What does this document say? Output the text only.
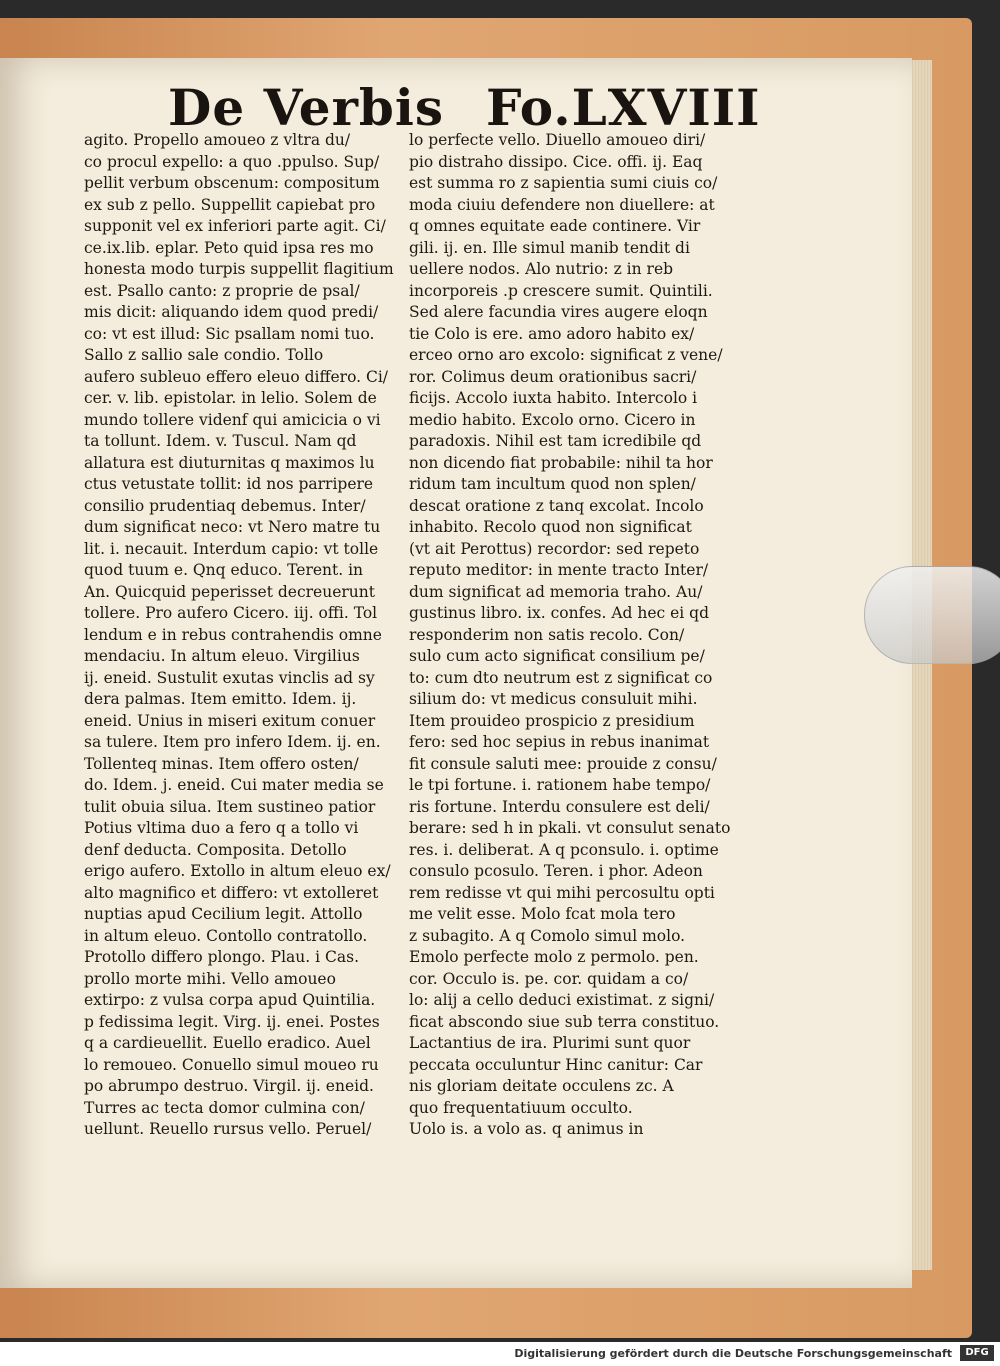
De Verbis Fo.LXVIII
agito. Propello amoueo z vltra du/
co procul expello: a quo .ppulso. Sup/
pellit verbum obscenum: compositum
ex sub z pello. Suppellit capiebat pro
supponit vel ex inferiori parte agit. Ci/
ce.ix.lib. eplar. Peto quid ipsa res mo
honesta modo turpis suppellit flagitium
est. Psallo canto: z proprie de psal/
mis dicit: aliquando idem quod predi/
co: vt est illud: Sic psallam nomi tuo.
Sallo z sallio sale condio. Tollo
aufero subleuo effero eleuo differo. Ci/
cer. v. lib. epistolar. in lelio. Solem de
mundo tollere videnf qui amicicia o vi
ta tollunt. Idem. v. Tuscul. Nam qd
allatura est diuturnitas q maximos lu
ctus vetustate tollit: id nos parripere
consilio prudentiaq debemus. Inter/
dum significat neco: vt Nero matre tu
lit. i. necauit. Interdum capio: vt tolle
quod tuum e. Qnq educo. Terent. in
An. Quicquid peperisset decreuerunt
tollere. Pro aufero Cicero. iij. offi. Tol
lendum e in rebus contrahendis omne
mendaciu. In altum eleuo. Virgilius
ij. eneid. Sustulit exutas vinclis ad sy
dera palmas. Item emitto. Idem. ij.
eneid. Unius in miseri exitum conuer
sa tulere. Item pro infero Idem. ij. en.
Tollenteq minas. Item offero osten/
do. Idem. j. eneid. Cui mater media se
tulit obuia silua. Item sustineo patior
Potius vltima duo a fero q a tollo vi
denf deducta. Composita. Detollo
erigo aufero. Extollo in altum eleuo ex/
alto magnifico et differo: vt extolleret
nuptias apud Cecilium legit. Attollo
in altum eleuo. Contollo contratollo.
Protollo differo plongo. Plau. i Cas.
prollo morte mihi. Vello amoueo
extirpo: z vulsa corpa apud Quintilia.
p fedissima legit. Virg. ij. enei. Postes
q a cardieuellit. Euello eradico. Auel
lo remoueo. Conuello simul moueo ru
po abrumpo destruo. Virgil. ij. eneid.
Turres ac tecta domor culmina con/
uellunt. Reuello rursus vello. Peruel/
lo perfecte vello. Diuello amoueo diri/
pio distraho dissipo. Cice. offi. ij. Eaq
est summa ro z sapientia sumi ciuis co/
moda ciuiu defendere non diuellere: at
q omnes equitate eade continere. Vir
gili. ij. en. Ille simul manib tendit di
uellere nodos. Alo nutrio: z in reb
incorporeis .p crescere sumit. Quintili.
Sed alere facundia vires augere eloqn
tie Colo is ere. amo adoro habito ex/
erceo orno aro excolo: significat z vene/
ror. Colimus deum orationibus sacri/
ficijs. Accolo iuxta habito. Intercolo i
medio habito. Excolo orno. Cicero in
paradoxis. Nihil est tam icredibile qd
non dicendo fiat probabile: nihil ta hor
ridum tam incultum quod non splen/
descat oratione z tanq excolat. Incolo
inhabito. Recolo quod non significat
(vt ait Perottus) recordor: sed repeto
reputo meditor: in mente tracto Inter/
dum significat ad memoria traho. Au/
gustinus libro. ix. confes. Ad hec ei qd
responderim non satis recolo. Con/
sulo cum acto significat consilium pe/
to: cum dto neutrum est z significat co
silium do: vt medicus consuluit mihi.
Item prouideo prospicio z presidium
fero: sed hoc sepius in rebus inanimat
fit consule saluti mee: prouide z consu/
le tpi fortune. i. rationem habe tempo/
ris fortune. Interdu consulere est deli/
berare: sed h in pkali. vt consulut senato
res. i. deliberat. A q pconsulo. i. optime
consulo pcosulo. Teren. i phor. Adeon
rem redisse vt qui mihi percosultu opti
me velit esse. Molo fcat mola tero
z subagito. A q Comolo simul molo.
Emolo perfecte molo z permolo. pen.
cor. Occulo is. pe. cor. quidam a co/
lo: alij a cello deduci existimat. z signi/
ficat abscondo siue sub terra constituo.
Lactantius de ira. Plurimi sunt quor
peccata occuluntur Hinc canitur: Car
nis gloriam deitate occulens zc. A
quo frequentatiuum occulto.
Uolo is. a volo as. q animus in
Digitalisierung gefördert durch die Deutsche Forschungsgemeinschaft	DFG
